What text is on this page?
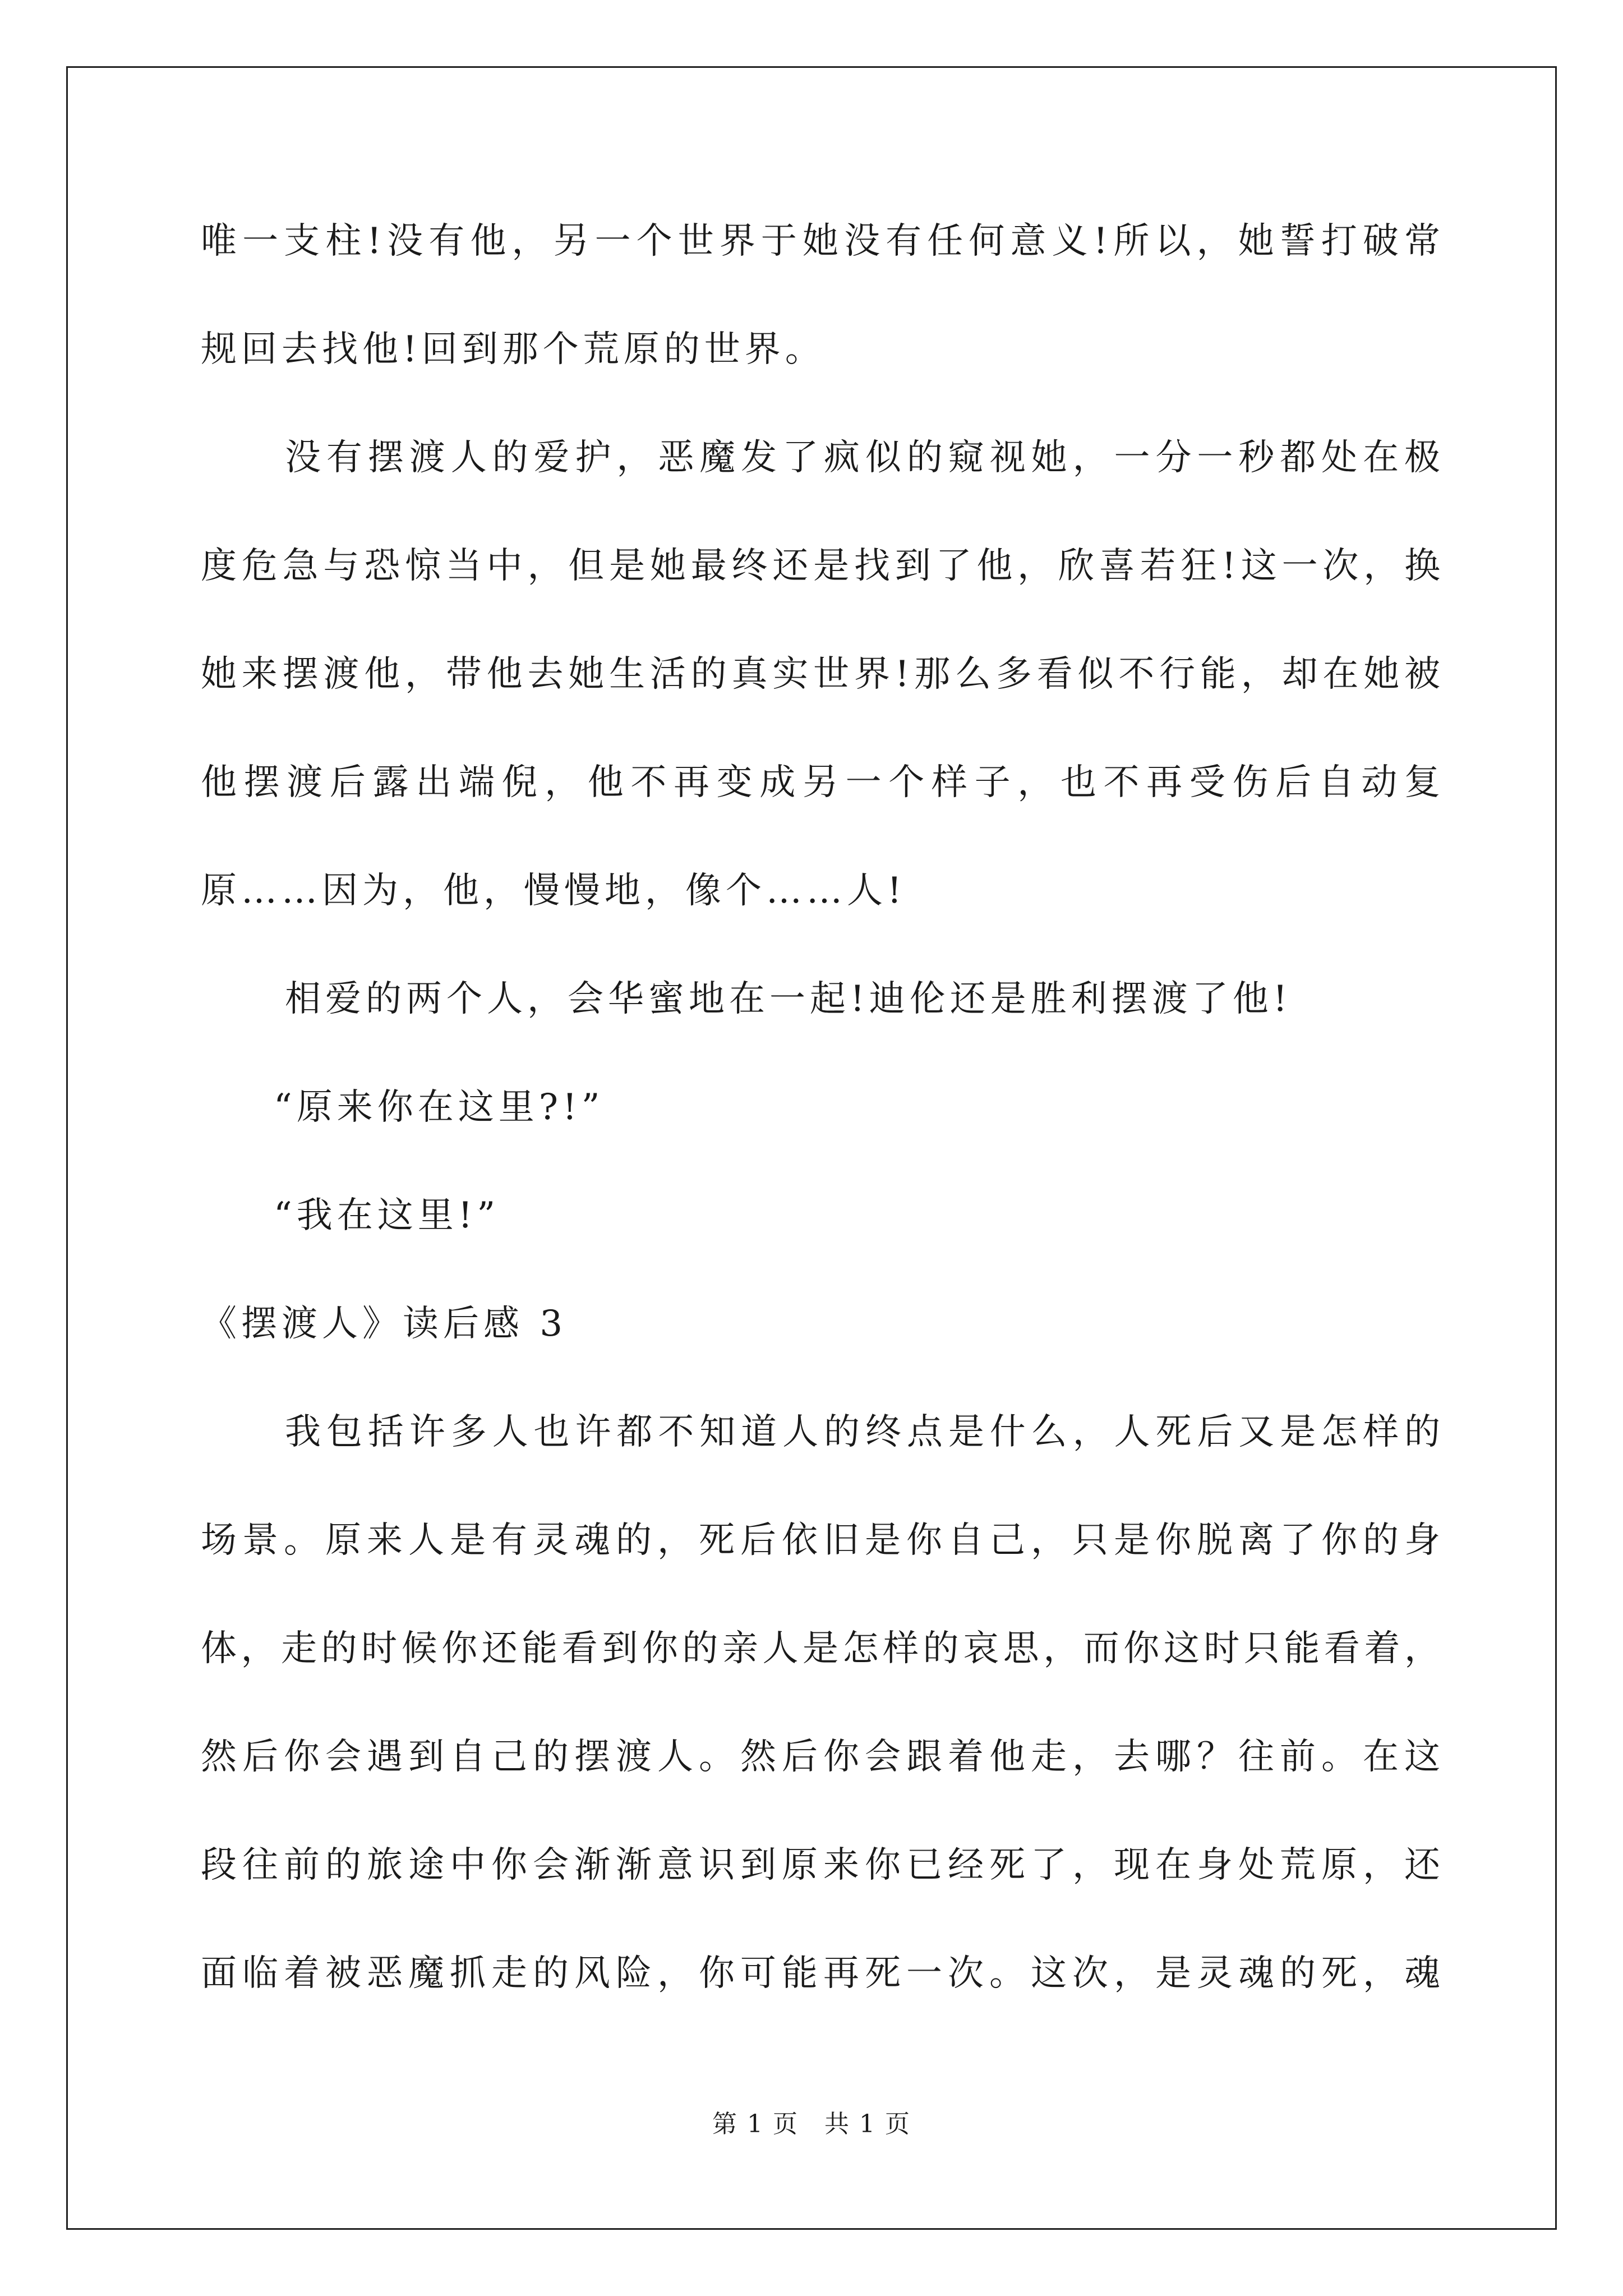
唯一支柱!没有他，另一个世界于她没有任何意义!所以，她誓打破常
规回去找他!回到那个荒原的世界。
没有摆渡人的爱护，恶魔发了疯似的窥视她，一分一秒都处在极
度危急与恐惊当中，但是她最终还是找到了他，欣喜若狂!这一次，换
她来摆渡他，带他去她生活的真实世界!那么多看似不行能，却在她被
他摆渡后露出端倪，他不再变成另一个样子，也不再受伤后自动复
原……因为，他，慢慢地，像个……人!
相爱的两个人，会华蜜地在一起!迪伦还是胜利摆渡了他!
“原来你在这里?!”
“我在这里!”
《摆渡人》读后感 3
我包括许多人也许都不知道人的终点是什么，人死后又是怎样的
场景。原来人是有灵魂的，死后依旧是你自己，只是你脱离了你的身
体，走的时候你还能看到你的亲人是怎样的哀思，而你这时只能看着，
然后你会遇到自己的摆渡人。然后你会跟着他走，去哪？往前。在这
段往前的旅途中你会渐渐意识到原来你已经死了，现在身处荒原，还
面临着被恶魔抓走的风险，你可能再死一次。这次，是灵魂的死，魂
第 1 页　共 1 页
